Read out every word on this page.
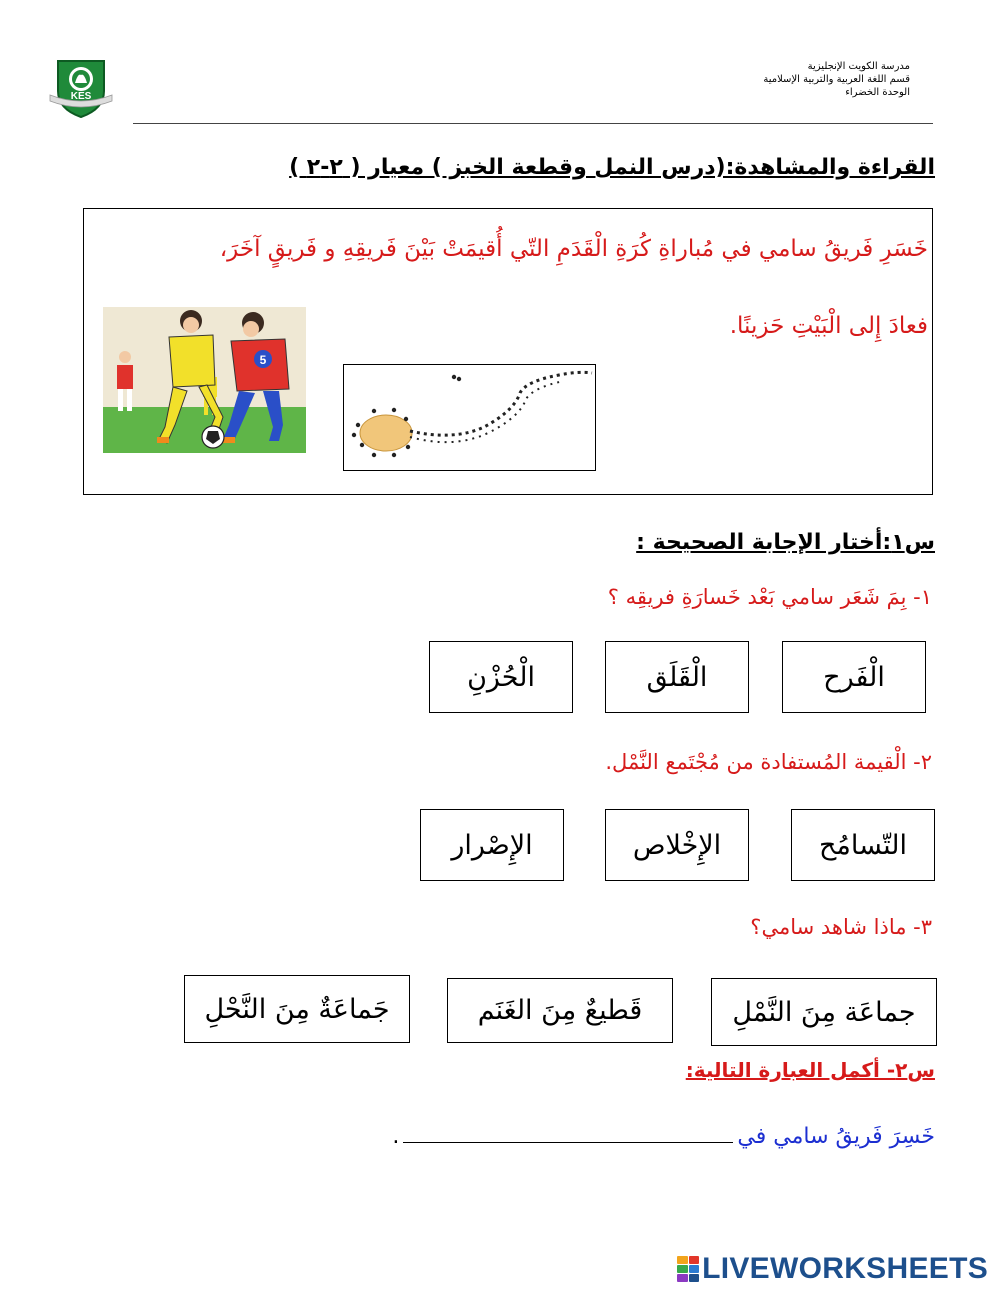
مدرسة الكويت الإنجليزية
قسم اللغة العربية والتربية الإسلامية
الوحدة الخضراء
KES
القراءة والمشاهدة:(درس النمل وقطعة الخبز ) معيار ( ٢-٢ )
خَسَرِ فَريقُ سامي في مُباراةِ كُرَةِ الْقَدَمِ التّي أُقيمَتْ بَيْنَ فَريقِهِ و فَريقٍ آخَرَ،
فعادَ إِلى الْبَيْتِ حَزينًا.
5
س١:أختار الإجابة الصحيحة :
١- بِمَ شَعَر سامي بَعْد خَسارَةِ فريقِه ؟
الْفَرح
الْقَلَق
الْحُزْنِ
٢- الْقيمة المُستفادة من مُجْتَمع النَّمْل.
التّسامُح
الإِخْلاص
الإِصْرار
٣- ماذا شاهد سامي؟
جماعَة مِنَ النَّمْلِ
قَطيعٌ مِنَ الغَنَم
جَماعَةٌ مِنَ النَّحْلِ
س٢- أكمل العبارة التالية:
خَسِرَ فَريقُ سامي في
.
LIVEWORKSHEETS
